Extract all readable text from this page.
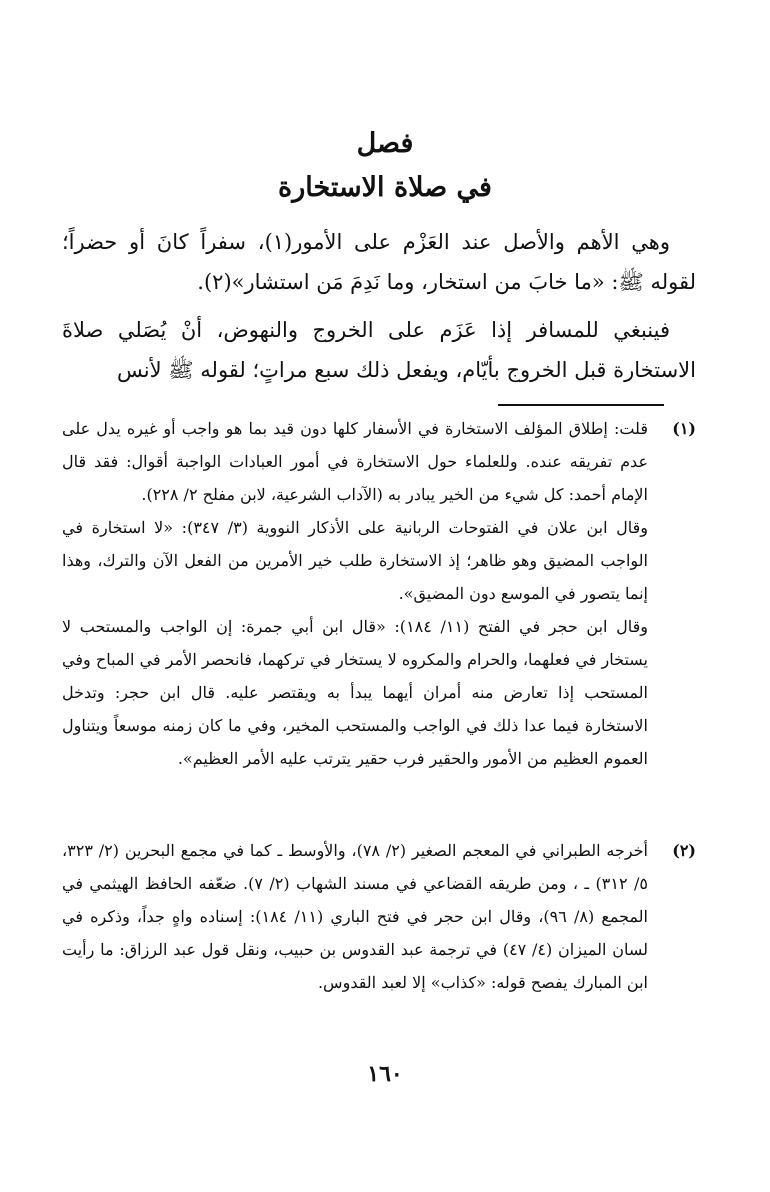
فصل
في صلاة الاستخارة

وهي الأهم والأصل عند العَزْم على الأمور(١)، سفراً كانَ أو حضراً؛ لقوله ﷺ: «ما خابَ من استخار، وما نَدِمَ مَن استشار»(٢).

فينبغي للمسافر إذا عَزَم على الخروج والنهوض، أنْ يُصَلي صلاةَ الاستخارة قبل الخروج بأيّام، ويفعل ذلك سبع مراتٍ؛ لقوله ﷺ لأنس

(١)

قلت: إطلاق المؤلف الاستخارة في الأسفار كلها دون قيد بما هو واجب أو غيره يدل على عدم تفريقه عنده. وللعلماء حول الاستخارة في أمور العبادات الواجبة أقوال: فقد قال الإمام أحمد: كل شيء من الخير يبادر به (الآداب الشرعية، لابن مفلح ٢/ ٢٢٨).

وقال ابن علان في الفتوحات الربانية على الأذكار النووية (٣/ ٣٤٧): «لا استخارة في الواجب المضيق وهو ظاهر؛ إذ الاستخارة طلب خير الأمرين من الفعل الآن والترك، وهذا إنما يتصور في الموسع دون المضيق».

وقال ابن حجر في الفتح (١١/ ١٨٤): «قال ابن أبي جمرة: إن الواجب والمستحب لا يستخار في فعلهما، والحرام والمكروه لا يستخار في تركهما، فانحصر الأمر في المباح وفي المستحب إذا تعارض منه أمران أيهما يبدأ به ويقتصر عليه. قال ابن حجر: وتدخل الاستخارة فيما عدا ذلك في الواجب والمستحب المخير، وفي ما كان زمنه موسعاً ويتناول العموم العظيم من الأمور والحقير فرب حقير يترتب عليه الأمر العظيم».

(٢)

أخرجه الطبراني في المعجم الصغير (٢/ ٧٨)، والأوسط ـ كما في مجمع البحرين (٢/ ٣٢٣، ٥/ ٣١٢) ـ ، ومن طريقه القضاعي في مسند الشهاب (٢/ ٧). ضعّفه الحافظ الهيثمي في المجمع (٨/ ٩٦)، وقال ابن حجر في فتح الباري (١١/ ١٨٤): إسناده واهٍ جداً، وذكره في لسان الميزان (٤/ ٤٧) في ترجمة عبد القدوس بن حبيب، ونقل قول عبد الرزاق: ما رأيت ابن المبارك يفصح قوله: «كذاب» إلا لعبد القدوس.

١٦٠
